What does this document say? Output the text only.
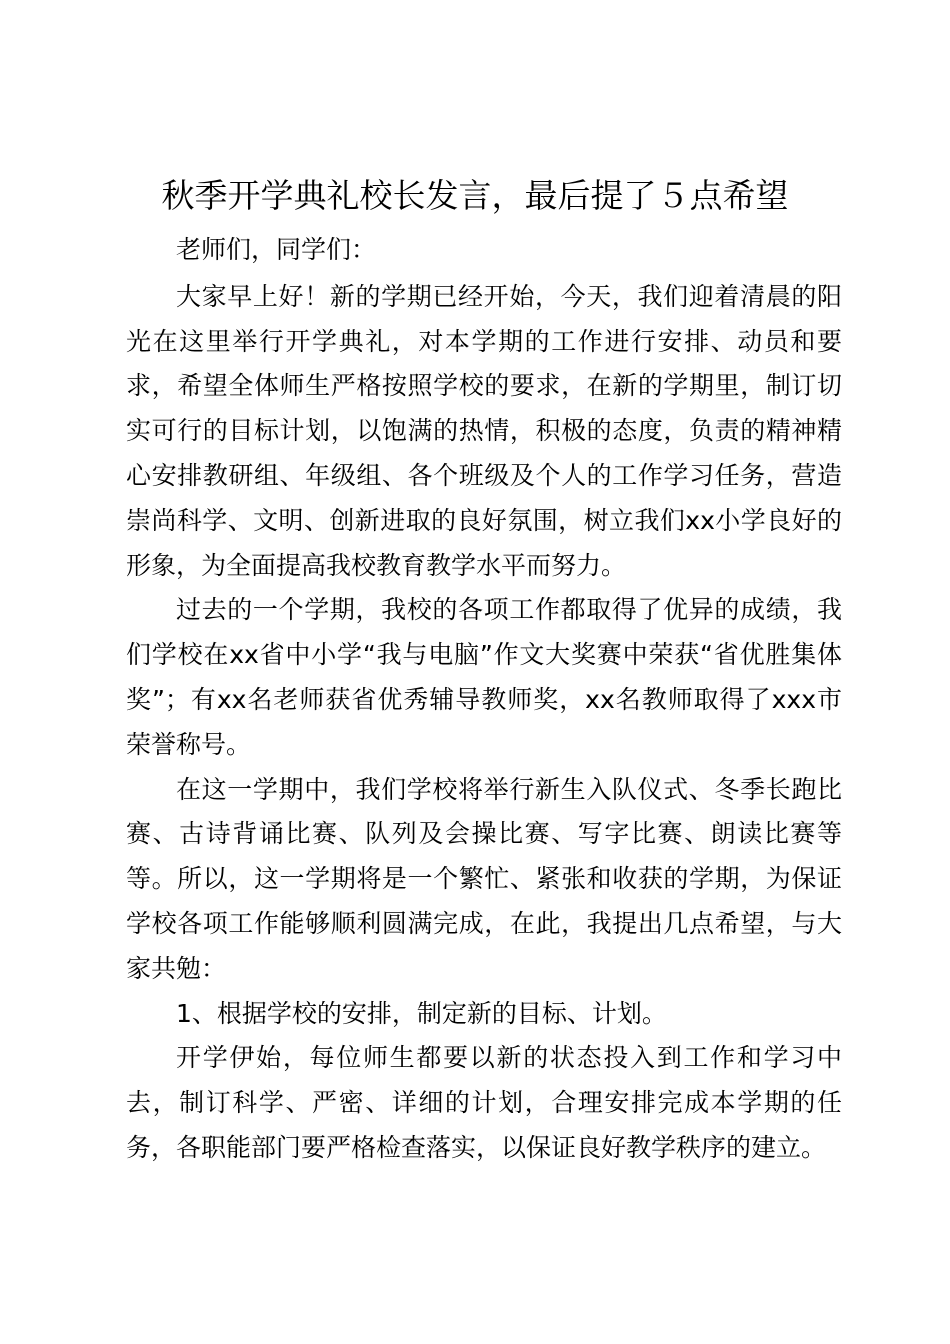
秋季开学典礼校长发言，最后提了５点希望

老师们，同学们：

大家早上好！新的学期已经开始，今天，我们迎着清晨的阳光在这里举行开学典礼，对本学期的工作进行安排、动员和要求，希望全体师生严格按照学校的要求，在新的学期里，制订切实可行的目标计划，以饱满的热情，积极的态度，负责的精神精心安排教研组、年级组、各个班级及个人的工作学习任务，营造崇尚科学、文明、创新进取的良好氛围，树立我们xx小学良好的形象，为全面提高我校教育教学水平而努力。

过去的一个学期，我校的各项工作都取得了优异的成绩，我们学校在xx省中小学“我与电脑”作文大奖赛中荣获“省优胜集体奖”；有xx名老师获省优秀辅导教师奖，xx名教师取得了xxx市荣誉称号。

在这一学期中，我们学校将举行新生入队仪式、冬季长跑比赛、古诗背诵比赛、队列及会操比赛、写字比赛、朗读比赛等等。所以，这一学期将是一个繁忙、紧张和收获的学期，为保证学校各项工作能够顺利圆满完成，在此，我提出几点希望，与大家共勉：

1、根据学校的安排，制定新的目标、计划。

开学伊始，每位师生都要以新的状态投入到工作和学习中去，制订科学、严密、详细的计划，合理安排完成本学期的任务，各职能部门要严格检查落实，以保证良好教学秩序的建立。
